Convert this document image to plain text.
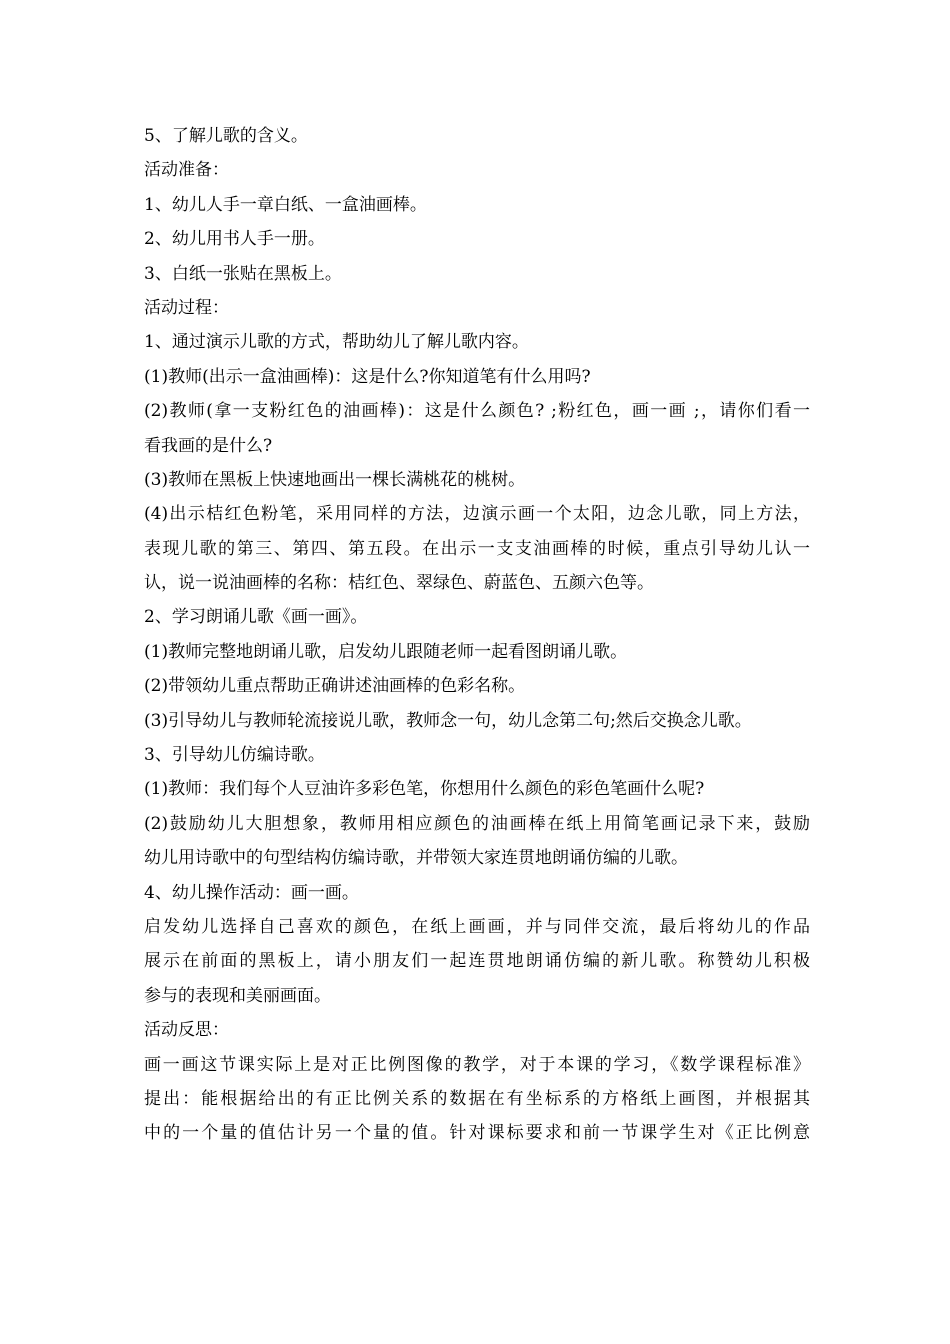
5、了解儿歌的含义。
活动准备：
1、幼儿人手一章白纸、一盒油画棒。
2、幼儿用书人手一册。
3、白纸一张贴在黑板上。
活动过程：
1、通过演示儿歌的方式，帮助幼儿了解儿歌内容。
(1)教师(出示一盒油画棒)：这是什么?你知道笔有什么用吗?
(2)教师(拿一支粉红色的油画棒)：这是什么颜色? ;粉红色，画一画 ;，请你们看一
看我画的是什么?
(3)教师在黑板上快速地画出一棵长满桃花的桃树。
(4)出示桔红色粉笔，采用同样的方法，边演示画一个太阳，边念儿歌，同上方法，
表现儿歌的第三、第四、第五段。在出示一支支油画棒的时候，重点引导幼儿认一
认，说一说油画棒的名称：桔红色、翠绿色、蔚蓝色、五颜六色等。
2、学习朗诵儿歌《画一画》。
(1)教师完整地朗诵儿歌，启发幼儿跟随老师一起看图朗诵儿歌。
(2)带领幼儿重点帮助正确讲述油画棒的色彩名称。
(3)引导幼儿与教师轮流接说儿歌，教师念一句，幼儿念第二句;然后交换念儿歌。
3、引导幼儿仿编诗歌。
(1)教师：我们每个人豆油许多彩色笔，你想用什么颜色的彩色笔画什么呢?
(2)鼓励幼儿大胆想象，教师用相应颜色的油画棒在纸上用简笔画记录下来，鼓励
幼儿用诗歌中的句型结构仿编诗歌，并带领大家连贯地朗诵仿编的儿歌。
4、幼儿操作活动：画一画。
启发幼儿选择自己喜欢的颜色，在纸上画画，并与同伴交流，最后将幼儿的作品
展示在前面的黑板上，请小朋友们一起连贯地朗诵仿编的新儿歌。称赞幼儿积极
参与的表现和美丽画面。
活动反思：
画一画这节课实际上是对正比例图像的教学，对于本课的学习，《数学课程标准》
提出：能根据给出的有正比例关系的数据在有坐标系的方格纸上画图，并根据其
中的一个量的值估计另一个量的值。针对课标要求和前一节课学生对《正比例意
